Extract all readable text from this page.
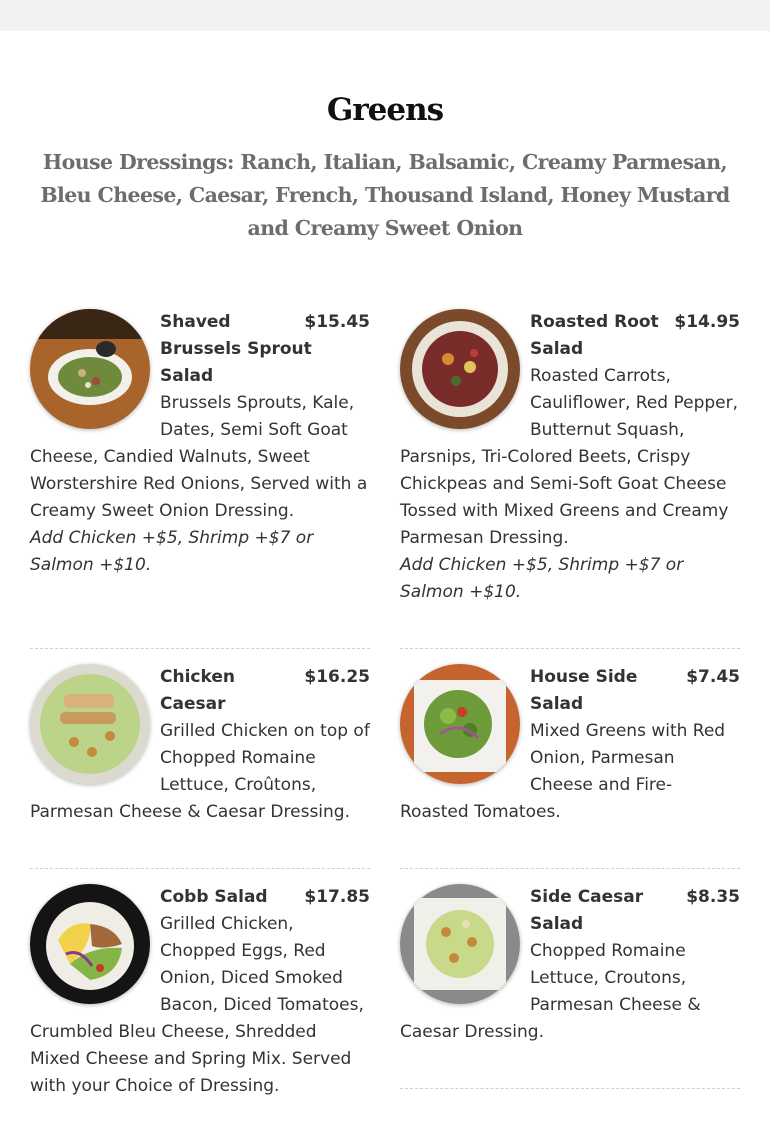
Greens
House Dressings: Ranch, Italian, Balsamic, Creamy Parmesan, Bleu Cheese, Caesar, French, Thousand Island, Honey Mustard and Creamy Sweet Onion
$15.45
Shaved Brussels Sprout Salad
Brussels Sprouts, Kale, Dates, Semi Soft Goat Cheese, Candied Walnuts, Sweet Worstershire Red Onions, Served with a Creamy Sweet Onion Dressing.
Add Chicken +$5, Shrimp +$7 or Salmon +$10.
$14.95
Roasted Root Salad
Roasted Carrots, Cauliflower, Red Pepper, Butternut Squash, Parsnips, Tri-Colored Beets, Crispy Chickpeas and Semi-Soft Goat Cheese Tossed with Mixed Greens and Creamy Parmesan Dressing.
Add Chicken +$5, Shrimp +$7 or Salmon +$10.
$16.25
Chicken Caesar
Grilled Chicken on top of Chopped Romaine Lettuce, Croûtons, Parmesan Cheese & Caesar Dressing.
$7.45
House Side Salad
Mixed Greens with Red Onion, Parmesan Cheese and Fire-Roasted Tomatoes.
$17.85
Cobb Salad
Grilled Chicken, Chopped Eggs, Red Onion, Diced Smoked Bacon, Diced Tomatoes, Crumbled Bleu Cheese, Shredded Mixed Cheese and Spring Mix. Served with your Choice of Dressing.
$8.35
Side Caesar Salad
Chopped Romaine Lettuce, Croutons, Parmesan Cheese & Caesar Dressing.
